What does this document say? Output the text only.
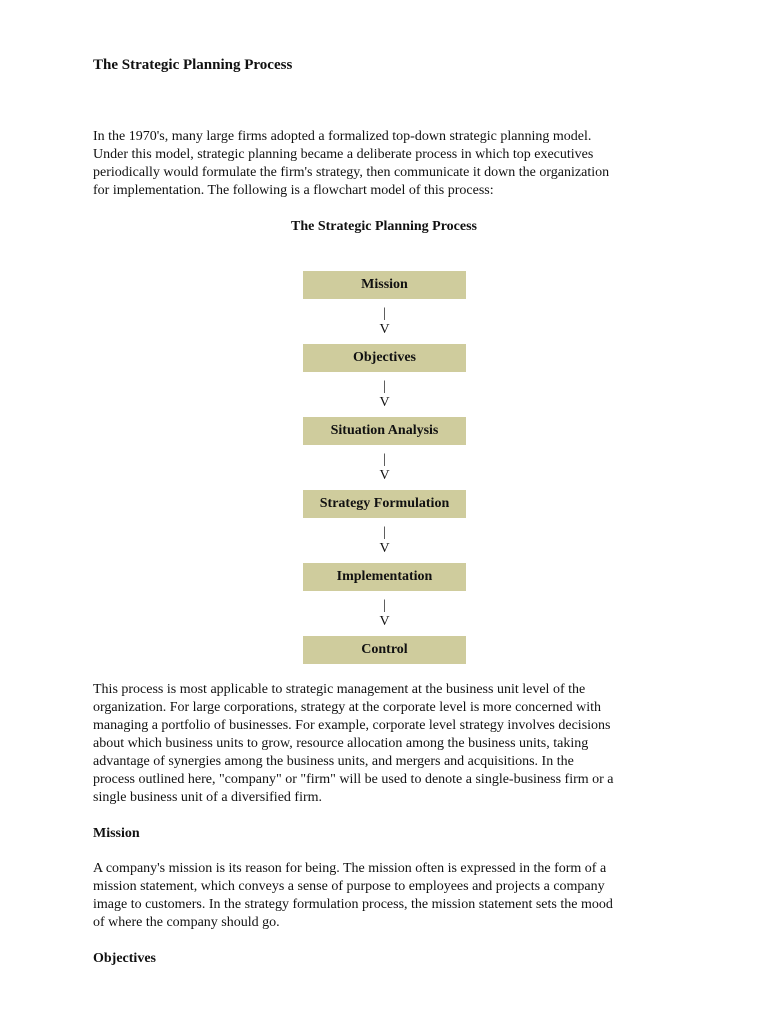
The Strategic Planning Process

In the 1970's, many large firms adopted a formalized top-down strategic planning model.
Under this model, strategic planning became a deliberate process in which top executives
periodically would formulate the firm's strategy, then communicate it down the organization
for implementation. The following is a flowchart model of this process:

This process is most applicable to strategic management at the business unit level of the
organization. For large corporations, strategy at the corporate level is more concerned with
managing a portfolio of businesses. For example, corporate level strategy involves decisions
about which business units to grow, resource allocation among the business units, taking
advantage of synergies among the business units, and mergers and acquisitions. In the
process outlined here, "company" or "firm" will be used to denote a single-business firm or a
single business unit of a diversified firm.

Mission

A company's mission is its reason for being. The mission often is expressed in the form of a
mission statement, which conveys a sense of purpose to employees and projects a company
image to customers. In the strategy formulation process, the mission statement sets the mood
of where the company should go.

Objectives
The Strategic Planning Process
Mission
|
V
Objectives
|
V
Situation Analysis
|
V
Strategy Formulation
|
V
Implementation
|
V
Control
